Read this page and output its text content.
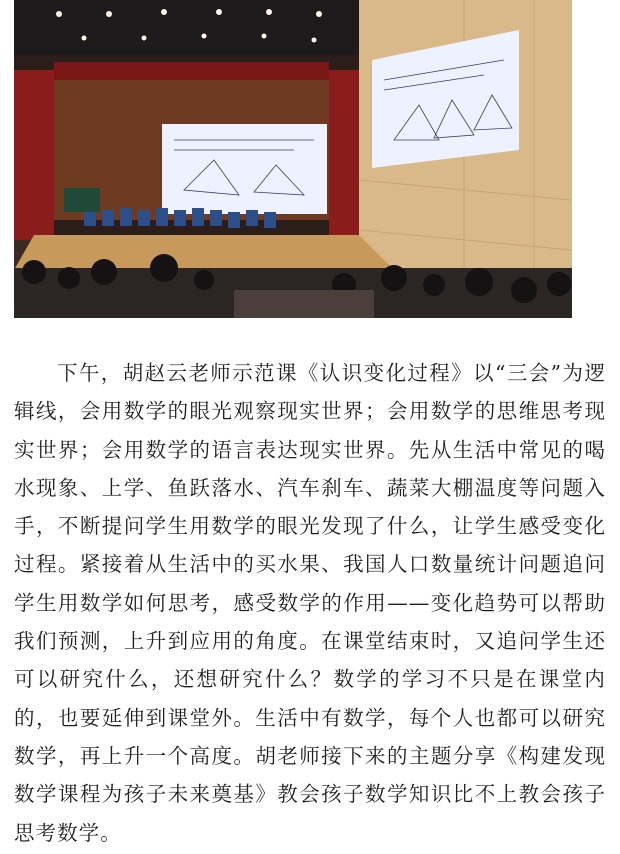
下午，胡赵云老师示范课《认识变化过程》以“三会”为逻辑线，会用数学的眼光观察现实世界；会用数学的思维思考现实世界；会用数学的语言表达现实世界。先从生活中常见的喝水现象、上学、鱼跃落水、汽车刹车、蔬菜大棚温度等问题入手，不断提问学生用数学的眼光发现了什么，让学生感受变化过程。紧接着从生活中的买水果、我国人口数量统计问题追问学生用数学如何思考，感受数学的作用——变化趋势可以帮助我们预测，上升到应用的角度。在课堂结束时，又追问学生还可以研究什么，还想研究什么？数学的学习不只是在课堂内的，也要延伸到课堂外。生活中有数学，每个人也都可以研究数学，再上升一个高度。胡老师接下来的主题分享《构建发现数学课程为孩子未来奠基》教会孩子数学知识比不上教会孩子思考数学。
